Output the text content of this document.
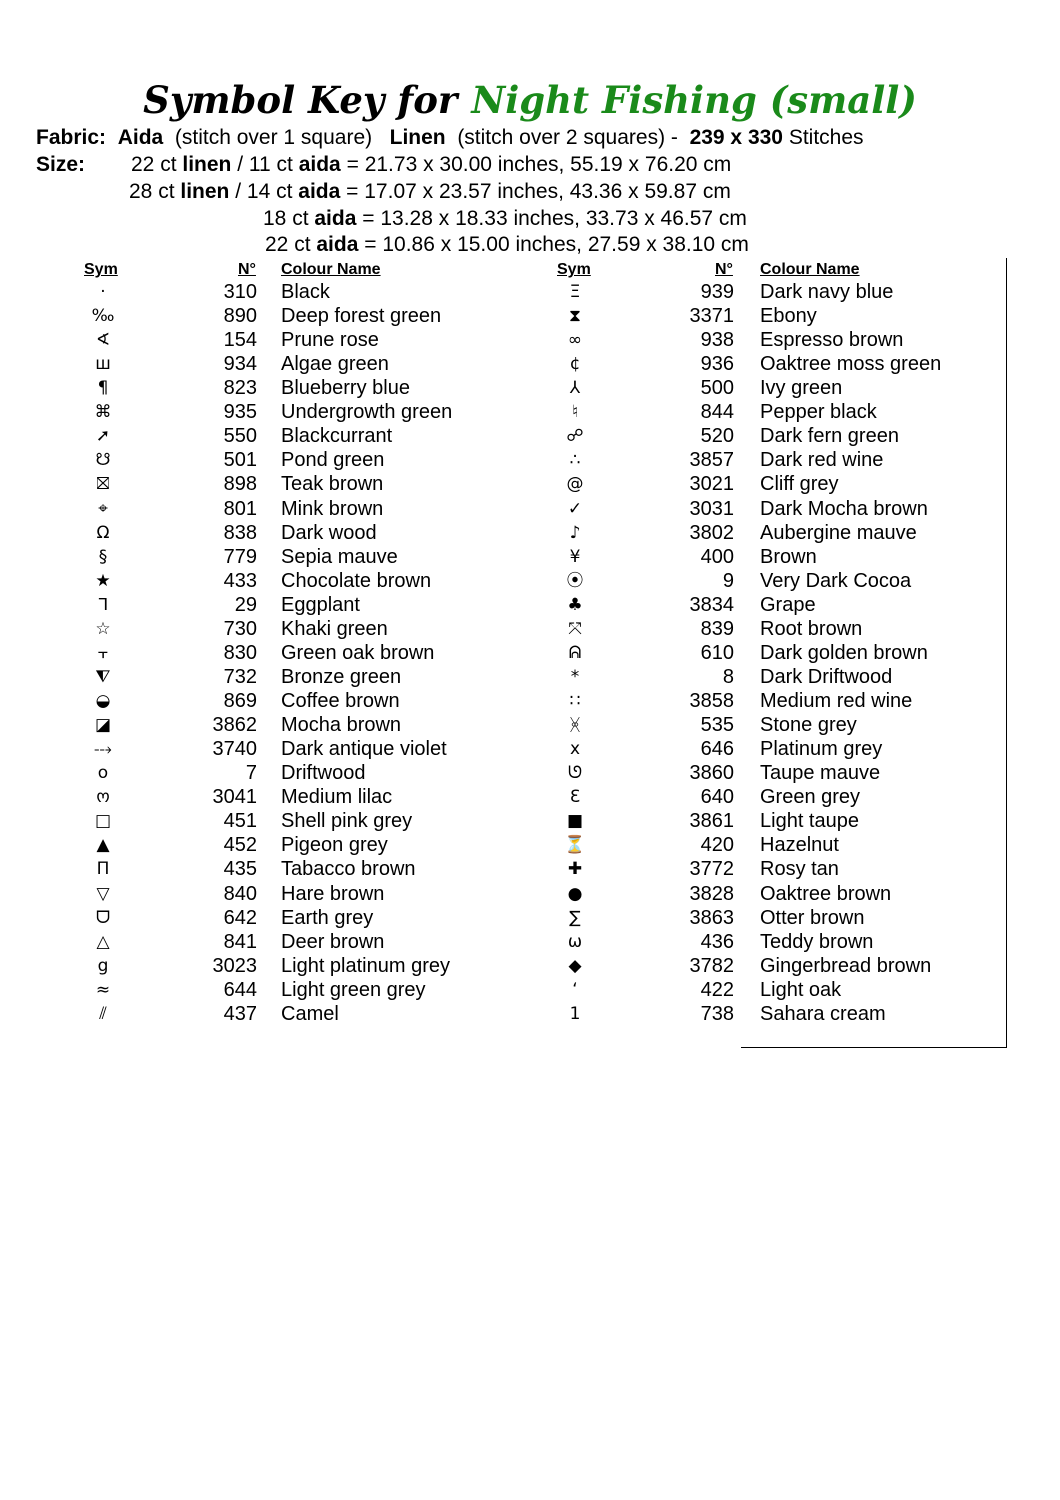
Symbol Key for Night Fishing (small)
Fabric: Aida (stitch over 1 square) Linen (stitch over 2 squares) - 239 x 330 Stitches
Size: 22 ct linen / 11 ct aida = 21.73 x 30.00 inches, 55.19 x 76.20 cm
28 ct linen / 14 ct aida = 17.07 x 23.57 inches, 43.36 x 59.87 cm
18 ct aida = 13.28 x 18.33 inches, 33.73 x 46.57 cm
22 ct aida = 10.86 x 15.00 inches, 27.59 x 38.10 cm
Sym	N° Colour Name	Sym	N° Colour Name
·	310 Black
‰	890 Deep forest green
∢	154 Prune rose
ш	934 Algae green
¶	823 Blueberry blue
⌘	935 Undergrowth green
➚	550 Blackcurrant
☋	501 Pond green
⛝	898 Teak brown
⌖	801 Mink brown
Ω	838 Dark wood
§	779 Sepia mauve
★	433 Chocolate brown
ᒣ	29 Eggplant
☆	730 Khaki green
⫟	830 Green oak brown
⧨	732 Bronze green
◒	869 Coffee brown
◪	3862 Mocha brown
⤏	3740 Dark antique violet
o	7 Driftwood
ო	3041 Medium lilac
□	451 Shell pink grey
▲	452 Pigeon grey
П	435 Tabacco brown
▽	840 Hare brown
ᗜ	642 Earth grey
△	841 Deer brown
g	3023 Light platinum grey
≈	644 Light green grey
⫽	437 Camel
Ξ	939 Dark navy blue
⧗	3371 Ebony
∞	938 Espresso brown
¢	936 Oaktree moss green
⅄	500 Ivy green
♮	844 Pepper black
☍	520 Dark fern green
∴	3857 Dark red wine
@	3021 Cliff grey
✓	3031 Dark Mocha brown
♪	3802 Aubergine mauve
¥	400 Brown
⦿	9 Very Dark Cocoa
♣	3834 Grape
⤧	839 Root brown
ᕱ	610 Dark golden brown
*	8 Dark Driftwood
∷	3858 Medium red wine
ᚸ	535 Stone grey
x	646 Platinum grey
ᘎ	3860 Taupe mauve
Ɛ	640 Green grey
■	3861 Light taupe
⏳	420 Hazelnut
✚	3772 Rosy tan
●	3828 Oaktree brown
∑	3863 Otter brown
ω	436 Teddy brown
◆	3782 Gingerbread brown
ʻ	422 Light oak
1	738 Sahara cream
